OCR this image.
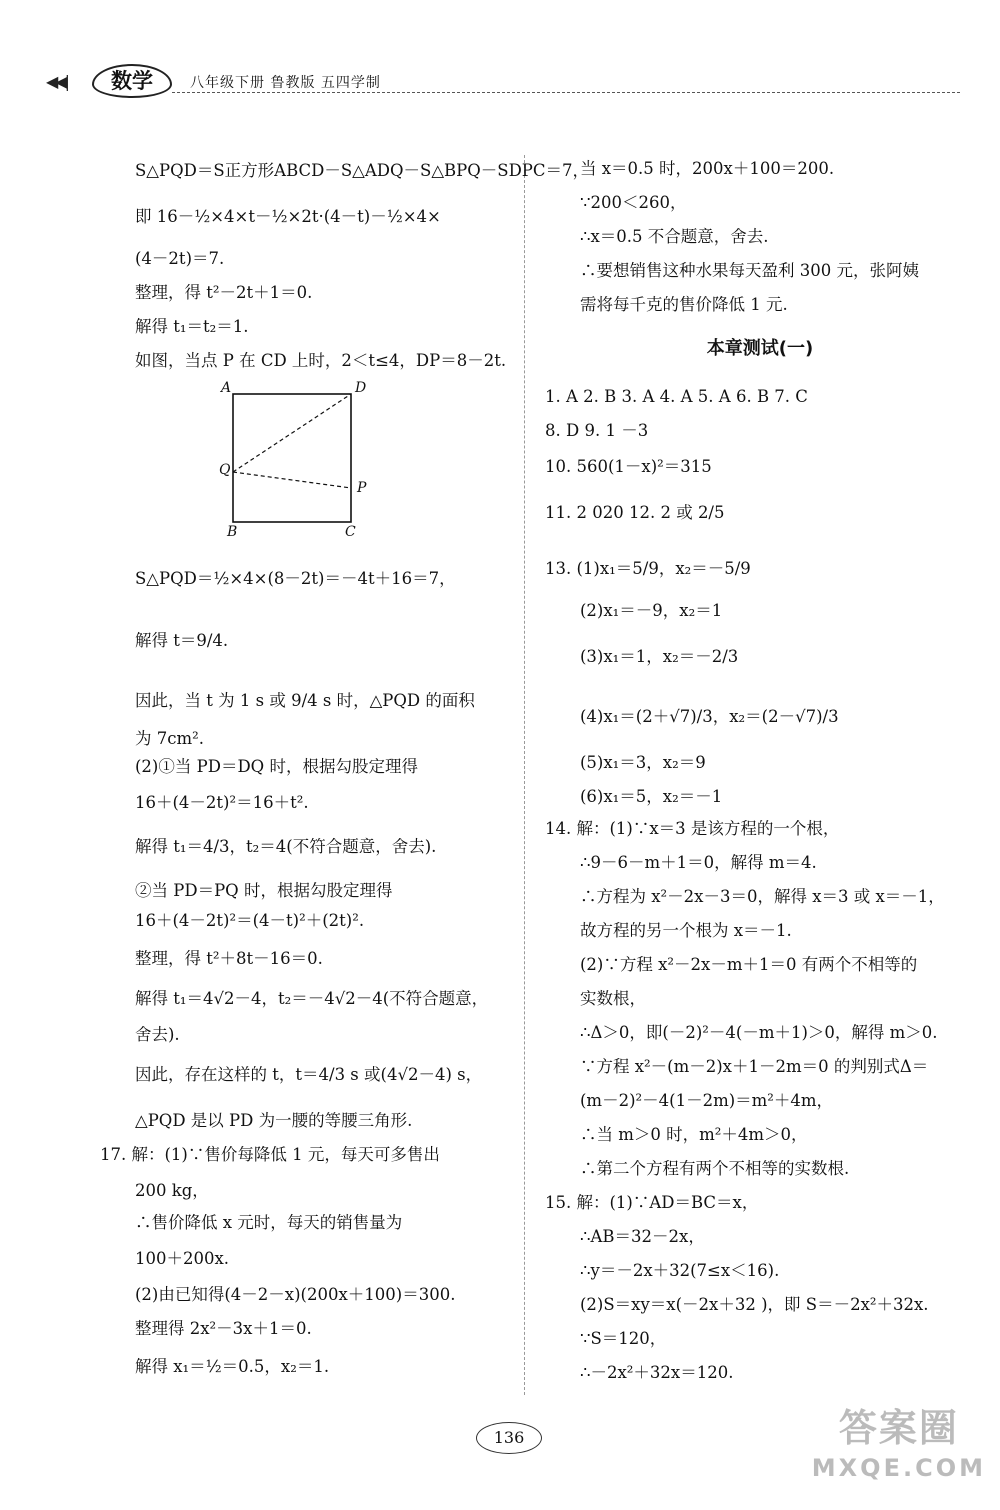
◀◀|	数学	八年级下册 鲁教版 五四学制
S△PQD＝S正方形ABCD－S△ADQ－S△BPQ－SDPC＝7，
即 16－½×4×t－½×2t·(4－t)－½×4×
(4－2t)＝7.
整理，得 t²－2t＋1＝0.
解得 t₁＝t₂＝1.
如图，当点 P 在 CD 上时，2＜t≤4，DP＝8－2t.
A	D
Q
P
B	C
S△PQD＝½×4×(8－2t)＝－4t＋16＝7，
解得 t＝9/4.
因此，当 t 为 1 s 或 9/4 s 时，△PQD 的面积
为 7cm².
(2)①当 PD＝DQ 时，根据勾股定理得
16＋(4－2t)²＝16＋t².
解得 t₁＝4/3，t₂＝4(不符合题意，舍去).
②当 PD＝PQ 时，根据勾股定理得
16＋(4－2t)²＝(4－t)²＋(2t)².
整理，得 t²＋8t－16＝0.
解得 t₁＝4√2－4，t₂＝－4√2－4(不符合题意，
舍去).
因此，存在这样的 t，t＝4/3 s 或(4√2－4) s，
△PQD 是以 PD 为一腰的等腰三角形.
17. 解：(1)∵售价每降低 1 元，每天可多售出
200 kg，
∴售价降低 x 元时，每天的销售量为
100＋200x.
(2)由已知得(4－2－x)(200x＋100)＝300.
整理得 2x²－3x＋1＝0.
解得 x₁＝½＝0.5，x₂＝1.
当 x＝0.5 时，200x＋100＝200.
∵200＜260，
∴x＝0.5 不合题意，舍去.
∴要想销售这种水果每天盈利 300 元，张阿姨
需将每千克的售价降低 1 元.
本章测试(一)
1. A 2. B 3. A 4. A 5. A 6. B 7. C
8. D 9. 1 －3
10. 560(1－x)²＝315
11. 2 020 12. 2 或 2/5
13. (1)x₁＝5/9，x₂＝－5/9
(2)x₁＝－9，x₂＝1
(3)x₁＝1，x₂＝－2/3
(4)x₁＝(2＋√7)/3，x₂＝(2－√7)/3
(5)x₁＝3，x₂＝9
(6)x₁＝5，x₂＝－1
14. 解：(1)∵x＝3 是该方程的一个根，
∴9－6－m＋1＝0，解得 m＝4.
∴方程为 x²－2x－3＝0，解得 x＝3 或 x＝－1，
故方程的另一个根为 x＝－1.
(2)∵方程 x²－2x－m＋1＝0 有两个不相等的
实数根，
∴Δ＞0，即(－2)²－4(－m＋1)＞0，解得 m＞0.
∵方程 x²－(m－2)x＋1－2m＝0 的判别式Δ＝
(m－2)²－4(1－2m)＝m²＋4m，
∴当 m＞0 时，m²＋4m＞0，
∴第二个方程有两个不相等的实数根.
15. 解：(1)∵AD＝BC＝x，
∴AB＝32－2x，
∴y＝－2x＋32(7≤x＜16).
(2)S＝xy＝x(－2x＋32 )，即 S＝－2x²＋32x.
∵S＝120，
∴－2x²＋32x＝120.
136	答案圈
MXQE.COM
